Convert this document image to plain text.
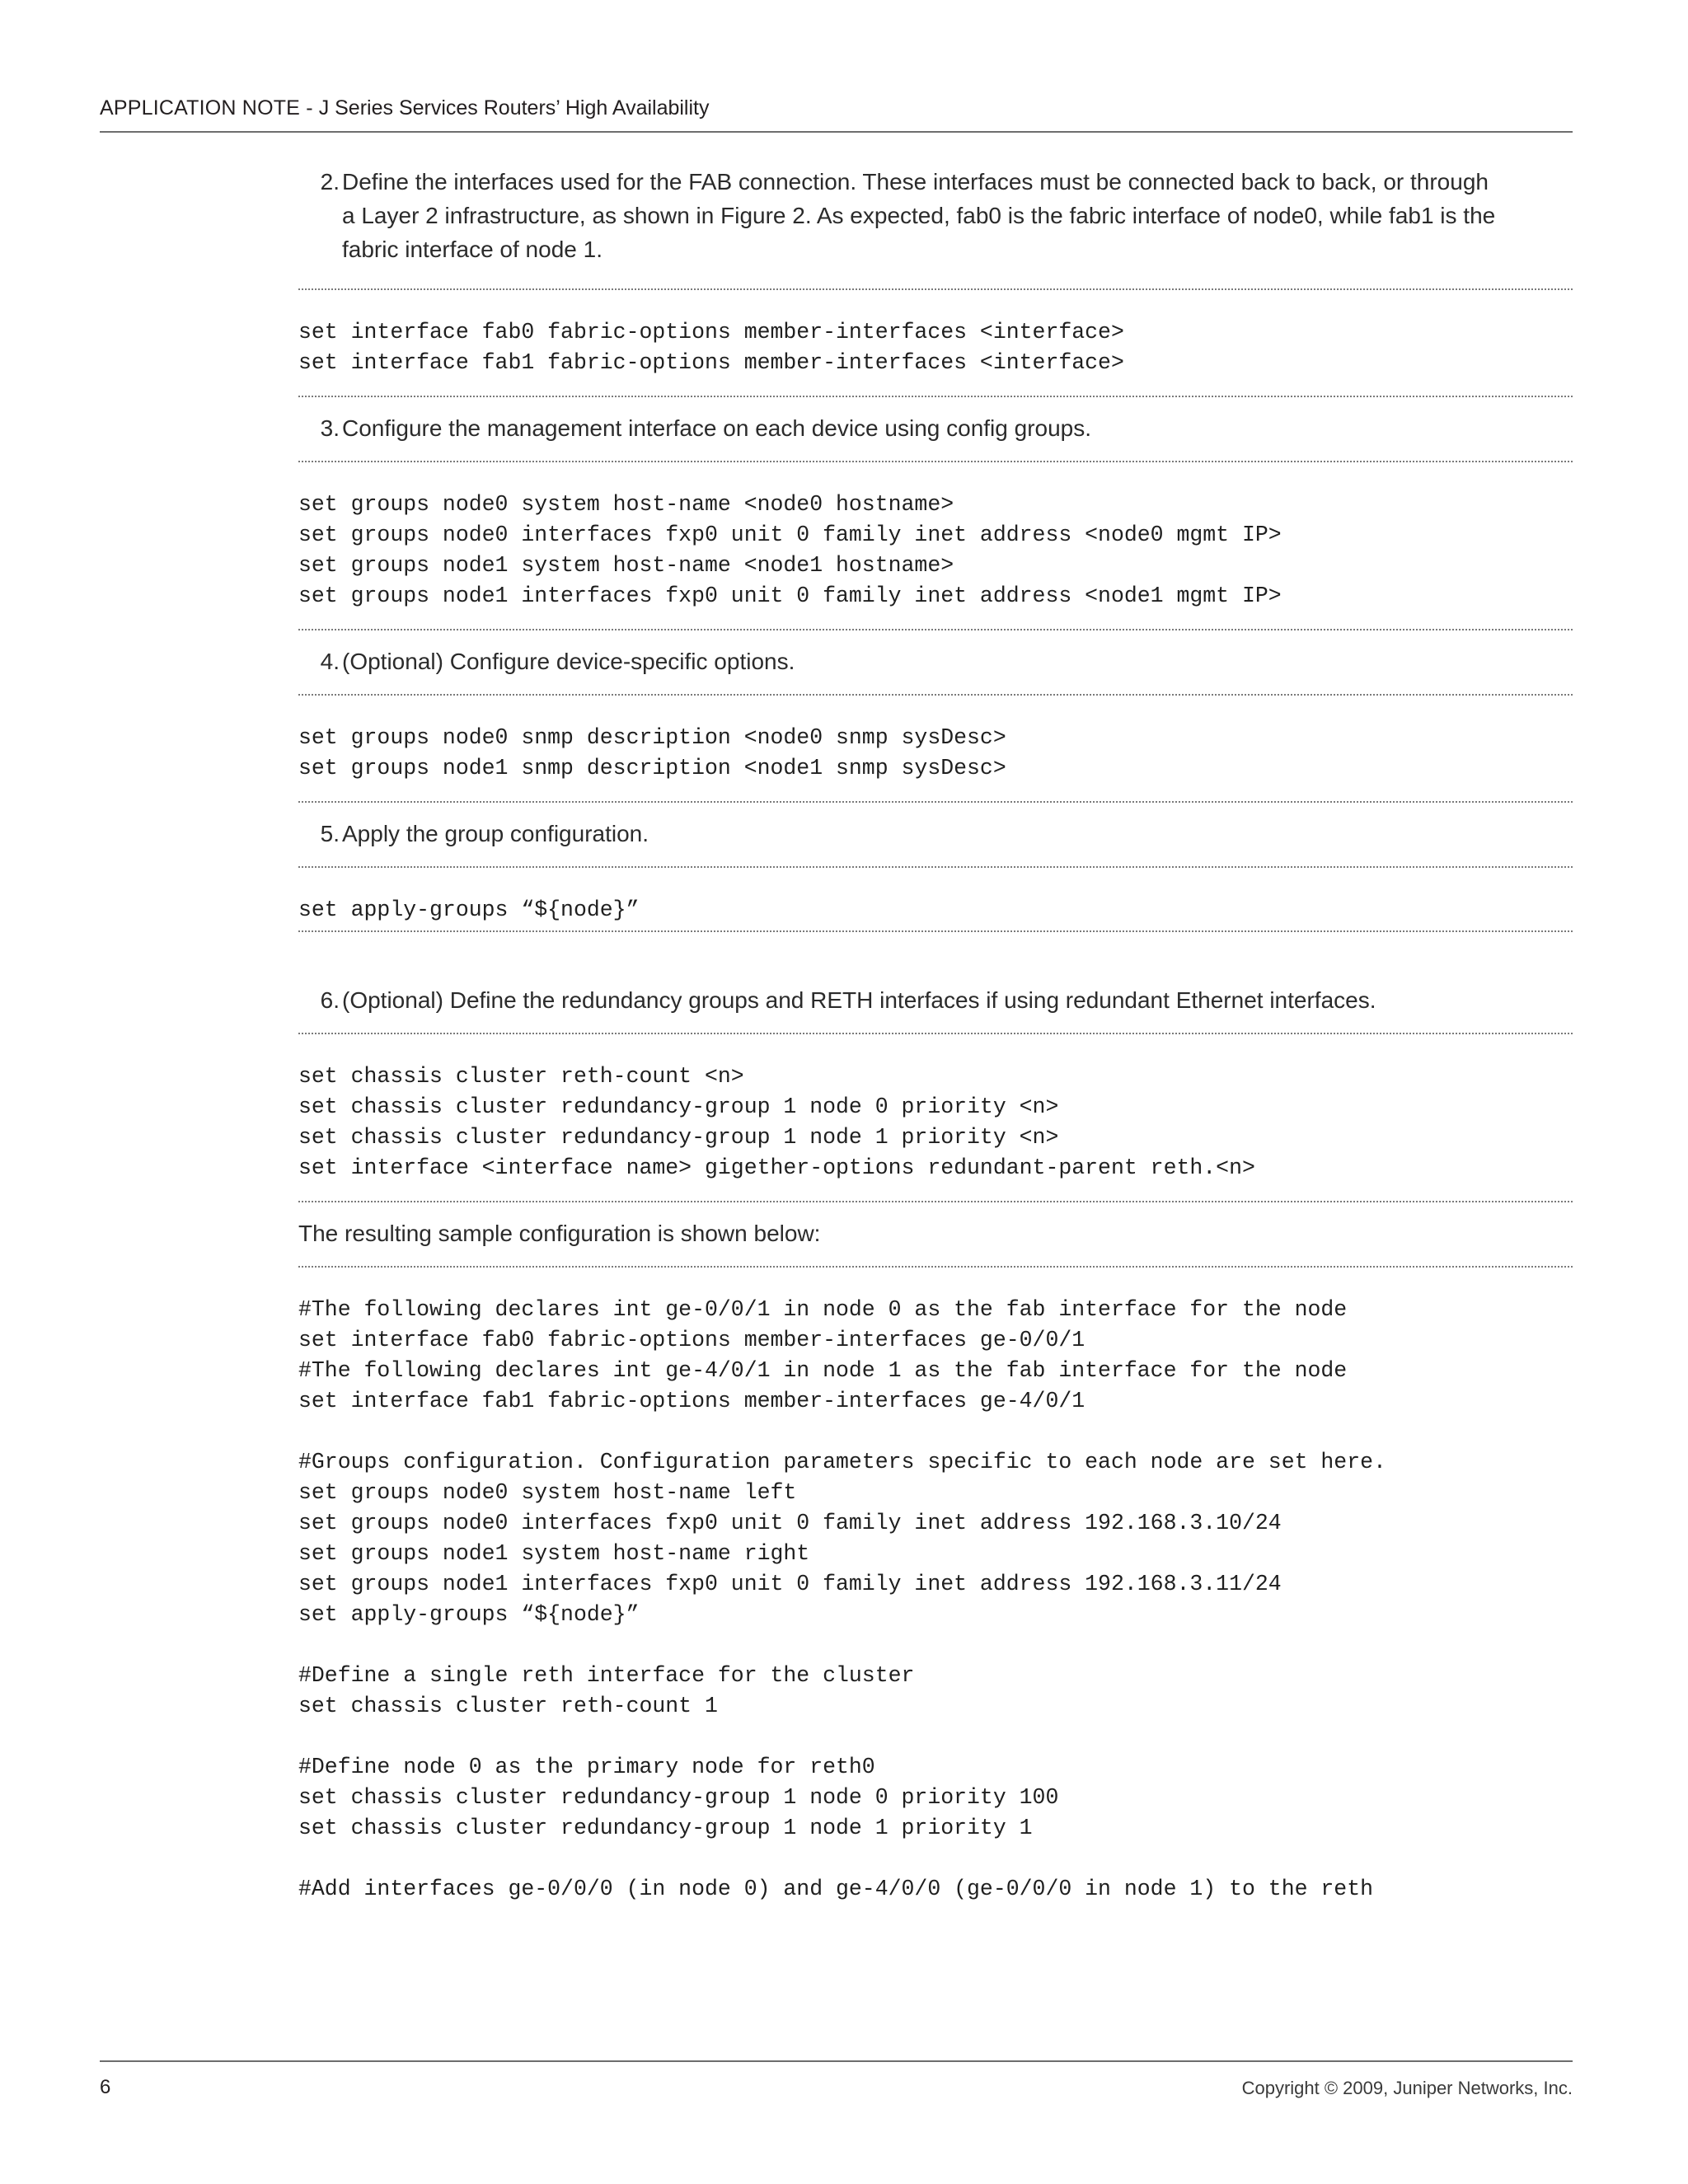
APPLICATION NOTE - J Series Services Routers’ High Availability
2. Define the interfaces used for the FAB connection. These interfaces must be connected back to back, or through
a Layer 2 infrastructure, as shown in Figure 2. As expected, fab0 is the fabric interface of node0, while fab1 is the
fabric interface of node 1.
set interface fab0 fabric-options member-interfaces <interface>
set interface fab1 fabric-options member-interfaces <interface>
3. Configure the management interface on each device using config groups.
set groups node0 system host-name <node0 hostname>
set groups node0 interfaces fxp0 unit 0 family inet address <node0 mgmt IP>
set groups node1 system host-name <node1 hostname>
set groups node1 interfaces fxp0 unit 0 family inet address <node1 mgmt IP>
4. (Optional) Configure device-specific options.
set groups node0 snmp description <node0 snmp sysDesc>
set groups node1 snmp description <node1 snmp sysDesc>
5. Apply the group configuration.
set apply-groups “${node}”
6. (Optional) Define the redundancy groups and RETH interfaces if using redundant Ethernet interfaces.
set chassis cluster reth-count <n>
set chassis cluster redundancy-group 1 node 0 priority <n>
set chassis cluster redundancy-group 1 node 1 priority <n>
set interface <interface name> gigether-options redundant-parent reth.<n>

The resulting sample configuration is shown below:

#The following declares int ge-0/0/1 in node 0 as the fab interface for the node
set interface fab0 fabric-options member-interfaces ge-0/0/1
#The following declares int ge-4/0/1 in node 1 as the fab interface for the node
set interface fab1 fabric-options member-interfaces ge-4/0/1
#Groups configuration. Configuration parameters specific to each node are set here.
set groups node0 system host-name left
set groups node0 interfaces fxp0 unit 0 family inet address 192.168.3.10/24
set groups node1 system host-name right
set groups node1 interfaces fxp0 unit 0 family inet address 192.168.3.11/24
set apply-groups “${node}”
#Define a single reth interface for the cluster
set chassis cluster reth-count 1
#Define node 0 as the primary node for reth0
set chassis cluster redundancy-group 1 node 0 priority 100
set chassis cluster redundancy-group 1 node 1 priority 1
#Add interfaces ge-0/0/0 (in node 0) and ge-4/0/0 (ge-0/0/0 in node 1) to the reth
6	Copyright © 2009, Juniper Networks, Inc.
